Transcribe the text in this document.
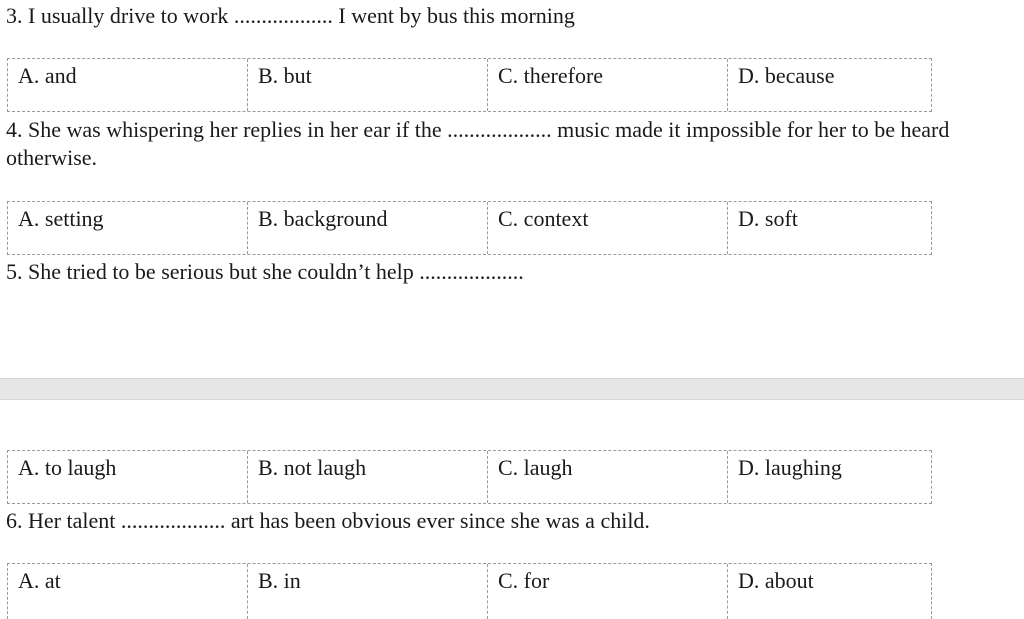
3. I usually drive to work .................. I went by bus this morning
A. and	B. but	C. therefore	D. because
4. She was whispering her replies in her ear if the ................... music made it impossible for her to be heard otherwise.
A. setting	B. background	C. context	D. soft
5. She tried to be serious but she couldn’t help ...................
A. to laugh	B. not laugh	C. laugh	D. laughing
6. Her talent ................... art has been obvious ever since she was a child.
A. at	B. in	C. for	D. about
